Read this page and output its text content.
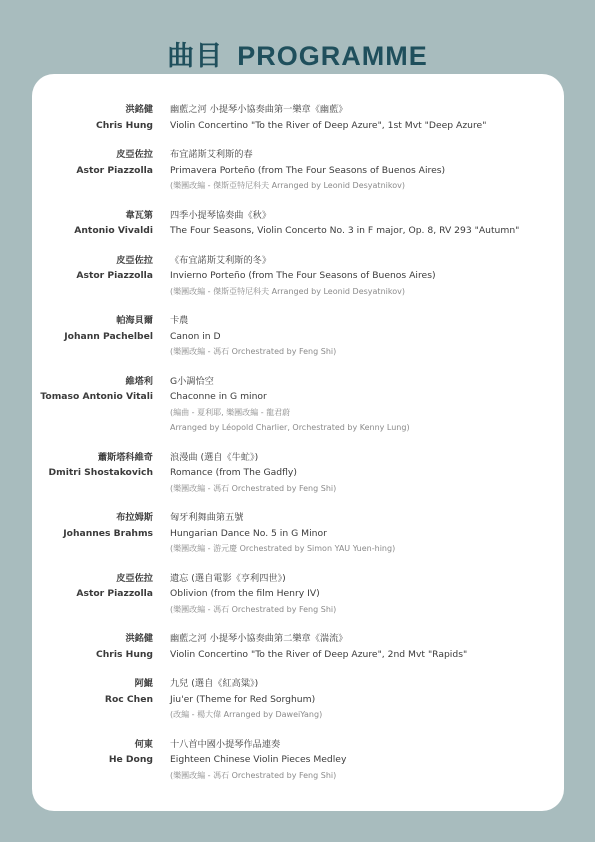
曲目 PROGRAMME
洪銘健
Chris Hung
幽藍之河 小提琴小協奏曲第一樂章《幽藍》
Violin Concertino "To the River of Deep Azure", 1st Mvt "Deep Azure"
皮亞佐拉
Astor Piazzolla
布宜諾斯艾利斯的春
Primavera Porteño (from The Four Seasons of Buenos Aires)
(樂團改編 - 傑斯亞特尼科夫 Arranged by Leonid Desyatnikov)
韋瓦第
Antonio Vivaldi
四季小提琴協奏曲《秋》
The Four Seasons, Violin Concerto No. 3 in F major, Op. 8, RV 293 "Autumn"
皮亞佐拉
Astor Piazzolla
《布宜諾斯艾利斯的冬》
Invierno Porteño (from The Four Seasons of Buenos Aires)
(樂團改編 - 傑斯亞特尼科夫 Arranged by Leonid Desyatnikov)
帕海貝爾
Johann Pachelbel
卡農
Canon in D
(樂團改編 - 馮石 Orchestrated by Feng Shi)
維塔利
Tomaso Antonio Vitali
G小調恰空
Chaconne in G minor
(編曲 - 夏利耶, 樂團改編 - 龍君蔚
Arranged by Léopold Charlier, Orchestrated by Kenny Lung)
蕭斯塔科維奇
Dmitri Shostakovich
浪漫曲 (選自《牛虻》)
Romance (from The Gadfly)
(樂團改編 - 馮石 Orchestrated by Feng Shi)
布拉姆斯
Johannes Brahms
匈牙利舞曲第五號
Hungarian Dance No. 5 in G Minor
(樂團改編 - 游元慶 Orchestrated by Simon YAU Yuen-hing)
皮亞佐拉
Astor Piazzolla
遺忘 (選自電影《亨利四世》)
Oblivion (from the film Henry IV)
(樂團改編 - 馮石 Orchestrated by Feng Shi)
洪銘健
Chris Hung
幽藍之河 小提琴小協奏曲第二樂章《湍流》
Violin Concertino "To the River of Deep Azure", 2nd Mvt "Rapids"
阿鯤
Roc Chen
九兒 (選自《紅高粱》)
Jiu'er (Theme for Red Sorghum)
(改編 - 楊大偉 Arranged by DaweiYang)
何東
He Dong
十八首中國小提琴作品連奏
Eighteen Chinese Violin Pieces Medley
(樂團改編 - 馮石 Orchestrated by Feng Shi)
